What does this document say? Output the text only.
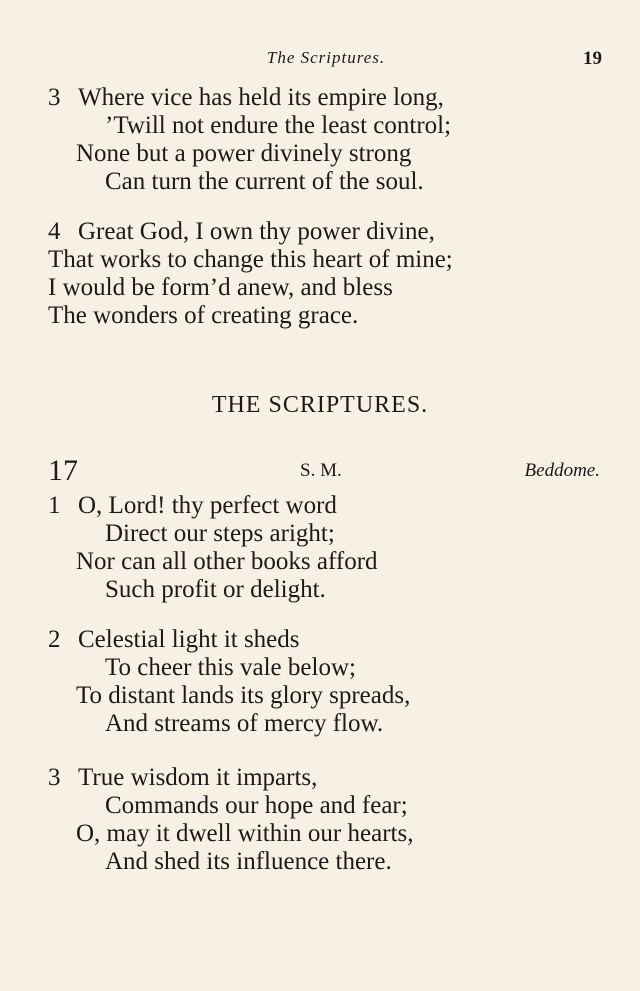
The Scriptures.	19
3 Where vice has held its empire long,
’Twill not endure the least control;
None but a power divinely strong
Can turn the current of the soul.
4 Great God, I own thy power divine,
That works to change this heart of mine;
I would be form’d anew, and bless
The wonders of creating grace.
THE SCRIPTURES.
17	S. M.	Beddome.
1 O, Lord! thy perfect word
Direct our steps aright;
Nor can all other books afford
Such profit or delight.
2 Celestial light it sheds
To cheer this vale below;
To distant lands its glory spreads,
And streams of mercy flow.
3 True wisdom it imparts,
Commands our hope and fear;
O, may it dwell within our hearts,
And shed its influence there.
